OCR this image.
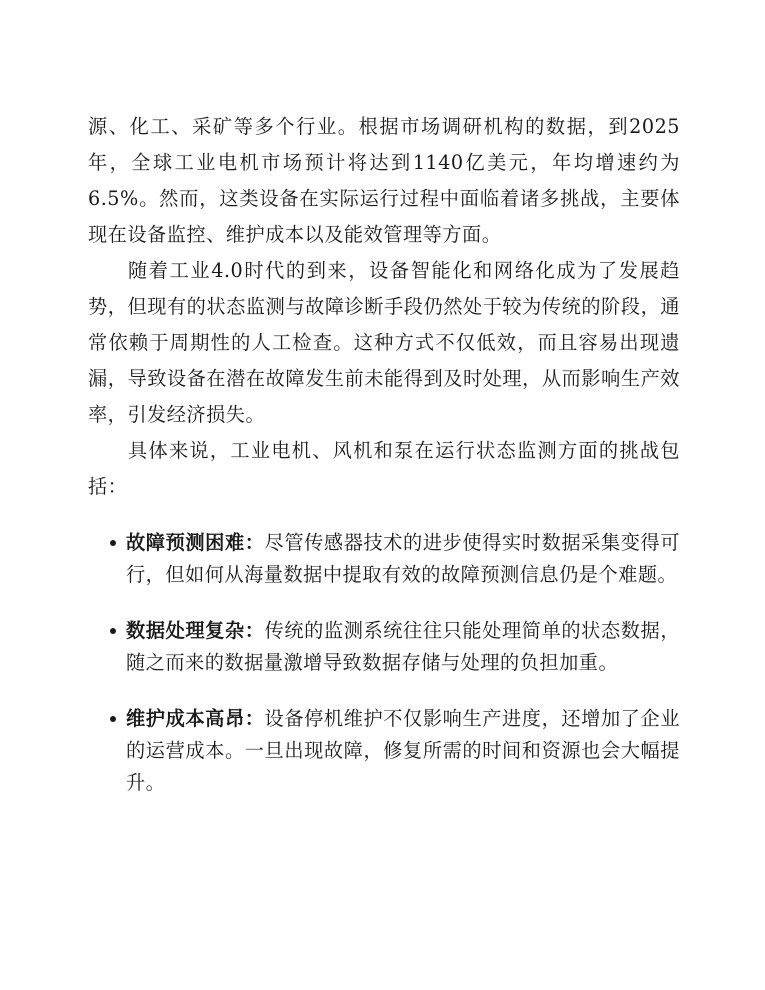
源、化工、采矿等多个行业。根据市场调研机构的数据，到2025年，全球工业电机市场预计将达到1140亿美元，年均增速约为6.5%。然而，这类设备在实际运行过程中面临着诸多挑战，主要体现在设备监控、维护成本以及能效管理等方面。

随着工业4.0时代的到来，设备智能化和网络化成为了发展趋势，但现有的状态监测与故障诊断手段仍然处于较为传统的阶段，通常依赖于周期性的人工检查。这种方式不仅低效，而且容易出现遗漏，导致设备在潜在故障发生前未能得到及时处理，从而影响生产效率，引发经济损失。

具体来说，工业电机、风机和泵在运行状态监测方面的挑战包括：

故障预测困难：尽管传感器技术的进步使得实时数据采集变得可行，但如何从海量数据中提取有效的故障预测信息仍是个难题。
数据处理复杂：传统的监测系统往往只能处理简单的状态数据，随之而来的数据量激增导致数据存储与处理的负担加重。
维护成本高昂：设备停机维护不仅影响生产进度，还增加了企业的运营成本。一旦出现故障，修复所需的时间和资源也会大幅提升。
